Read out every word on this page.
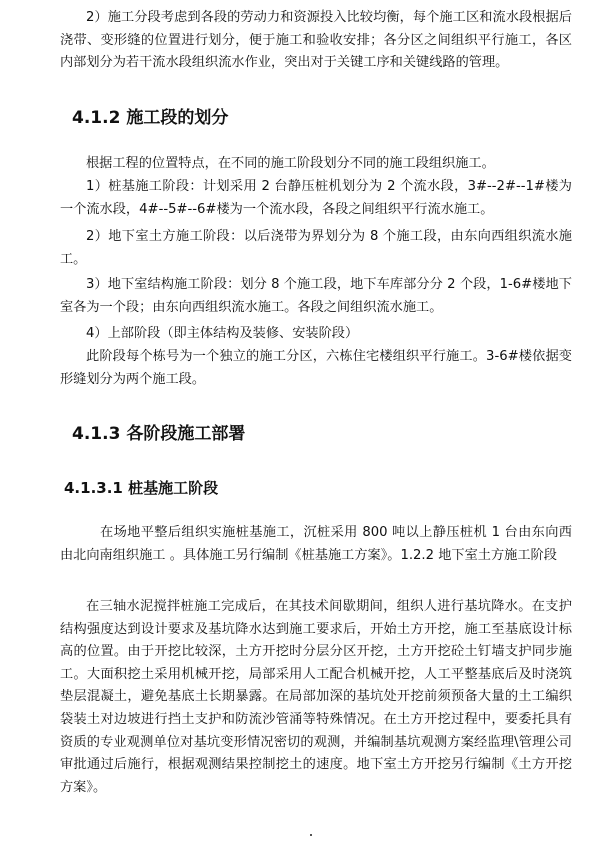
2）施工分段考虑到各段的劳动力和资源投入比较均衡，每个施工区和流水段根据后浇带、变形缝的位置进行划分，便于施工和验收安排；各分区之间组织平行施工，各区内部划分为若干流水段组织流水作业，突出对于关键工序和关键线路的管理。

4.1.2 施工段的划分

根据工程的位置特点，在不同的施工阶段划分不同的施工段组织施工。

1）桩基施工阶段：计划采用 2 台静压桩机划分为 2 个流水段，3#--2#--1#楼为一个流水段，4#--5#--6#楼为一个流水段，各段之间组织平行流水施工。

2）地下室土方施工阶段：以后浇带为界划分为 8 个施工段，由东向西组织流水施工。

3）地下室结构施工阶段：划分 8 个施工段，地下车库部分分 2 个段，1-6#楼地下室各为一个段；由东向西组织流水施工。各段之间组织流水施工。

4）上部阶段（即主体结构及装修、安装阶段）

此阶段每个栋号为一个独立的施工分区，六栋住宅楼组织平行施工。3-6#楼依据变形缝划分为两个施工段。

4.1.3 各阶段施工部署
4.1.3.1 桩基施工阶段

在场地平整后组织实施桩基施工，沉桩采用 800 吨以上静压桩机 1 台由东向西由北向南组织施工 。具体施工另行编制《桩基施工方案》。1.2.2 地下室土方施工阶段

在三轴水泥搅拌桩施工完成后，在其技术间歇期间，组织人进行基坑降水。在支护结构强度达到设计要求及基坑降水达到施工要求后，开始土方开挖，施工至基底设计标高的位置。由于开挖比较深，土方开挖时分层分区开挖，土方开挖砼土钉墙支护同步施工。大面积挖土采用机械开挖，局部采用人工配合机械开挖，人工平整基底后及时浇筑垫层混凝土，避免基底土长期暴露。在局部加深的基坑处开挖前须预备大量的土工编织袋装土对边坡进行挡土支护和防流沙管涌等特殊情况。在土方开挖过程中，要委托具有资质的专业观测单位对基坑变形情况密切的观测，并编制基坑观测方案经监理\管理公司审批通过后施行，根据观测结果控制挖土的速度。地下室土方开挖另行编制《土方开挖方案》。
